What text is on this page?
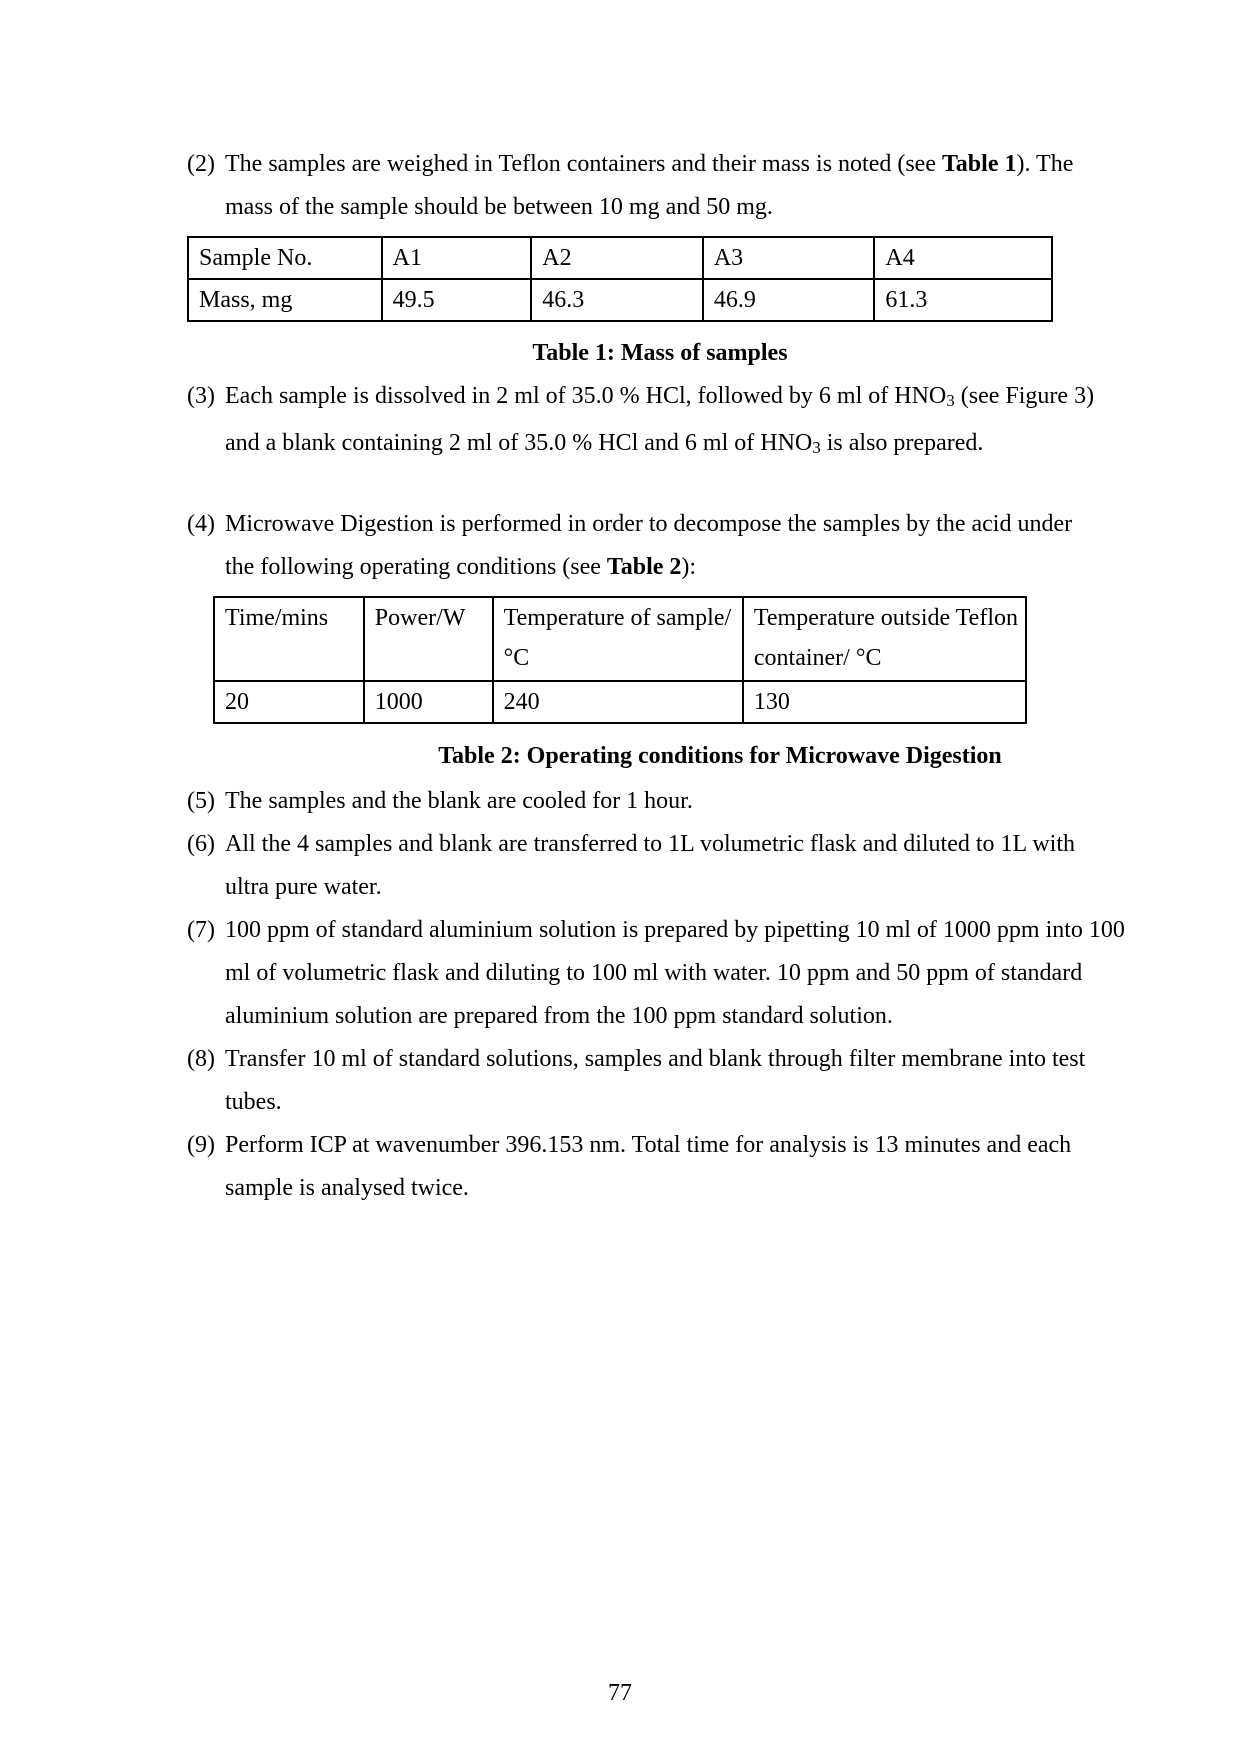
(2) The samples are weighed in Teflon containers and their mass is noted (see Table 1). The mass of the sample should be between 10 mg and 50 mg.
Sample No.	A1	A2	A3	A4
Mass, mg	49.5	46.3	46.9	61.3
Table 1: Mass of samples
(3) Each sample is dissolved in 2 ml of 35.0 % HCl, followed by 6 ml of $HNO_3$ (see Figure 3) and a blank containing 2 ml of 35.0 % HCl and 6 ml of $HNO_3$ is also prepared.
(4) Microwave Digestion is performed in order to decompose the samples by the acid under the following operating conditions (see Table 2):
Time/mins	Power/W	Temperature of sample/ °C	Temperature outside Teflon container/ °C
20	1000	240	130
Table 2: Operating conditions for Microwave Digestion
(5) The samples and the blank are cooled for 1 hour.
(6) All the 4 samples and blank are transferred to 1L volumetric flask and diluted to 1L with ultra pure water.
(7) 100 ppm of standard aluminium solution is prepared by pipetting 10 ml of 1000 ppm into 100 ml of volumetric flask and diluting to 100 ml with water. 10 ppm and 50 ppm of standard aluminium solution are prepared from the 100 ppm standard solution.
(8) Transfer 10 ml of standard solutions, samples and blank through filter membrane into test tubes.
(9) Perform ICP at wavenumber 396.153 nm. Total time for analysis is 13 minutes and each sample is analysed twice.
77
